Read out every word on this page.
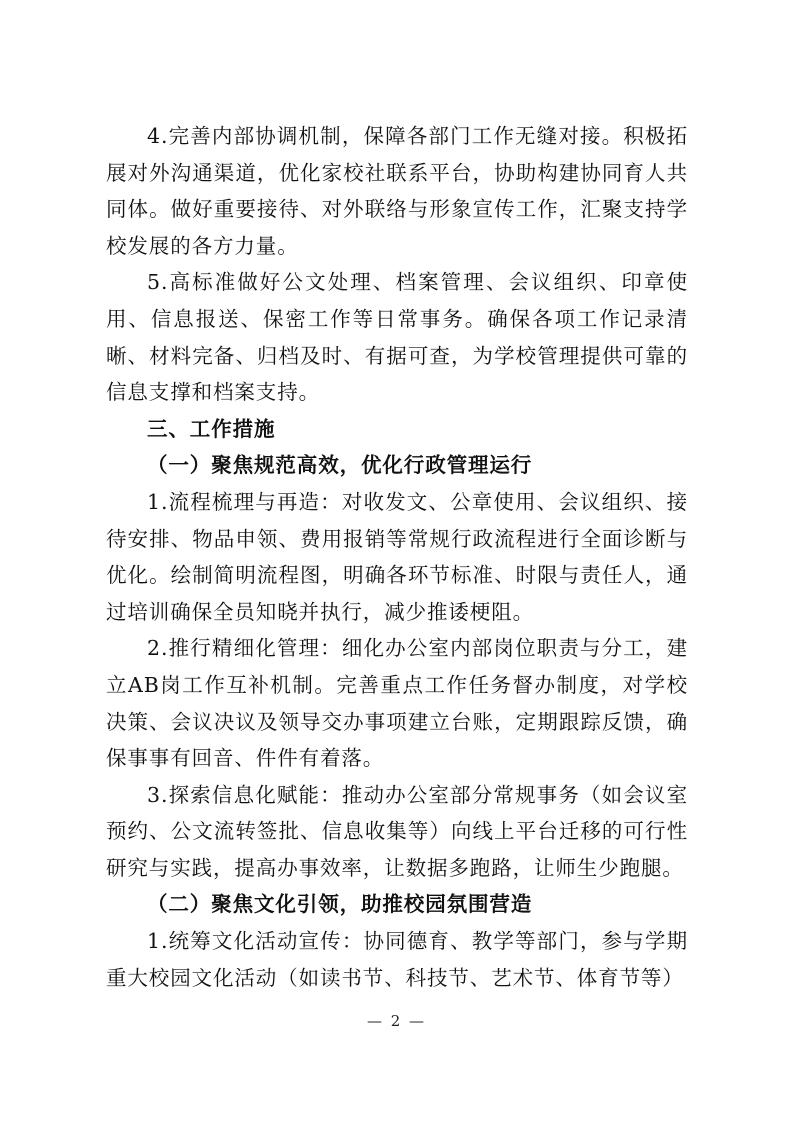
4.完善内部协调机制，保障各部门工作无缝对接。积极拓展对外沟通渠道，优化家校社联系平台，协助构建协同育人共同体。做好重要接待、对外联络与形象宣传工作，汇聚支持学校发展的各方力量。

5.高标准做好公文处理、档案管理、会议组织、印章使用、信息报送、保密工作等日常事务。确保各项工作记录清晰、材料完备、归档及时、有据可查，为学校管理提供可靠的信息支撑和档案支持。

三、工作措施

（一）聚焦规范高效，优化行政管理运行

1.流程梳理与再造：对收发文、公章使用、会议组织、接待安排、物品申领、费用报销等常规行政流程进行全面诊断与优化。绘制简明流程图，明确各环节标准、时限与责任人，通过培训确保全员知晓并执行，减少推诿梗阻。

2.推行精细化管理：细化办公室内部岗位职责与分工，建立AB岗工作互补机制。完善重点工作任务督办制度，对学校决策、会议决议及领导交办事项建立台账，定期跟踪反馈，确保事事有回音、件件有着落。

3.探索信息化赋能：推动办公室部分常规事务（如会议室预约、公文流转签批、信息收集等）向线上平台迁移的可行性研究与实践，提高办事效率，让数据多跑路，让师生少跑腿。

（二）聚焦文化引领，助推校园氛围营造

1.统筹文化活动宣传：协同德育、教学等部门，参与学期重大校园文化活动（如读书节、科技节、艺术节、体育节等）

— 2 —
